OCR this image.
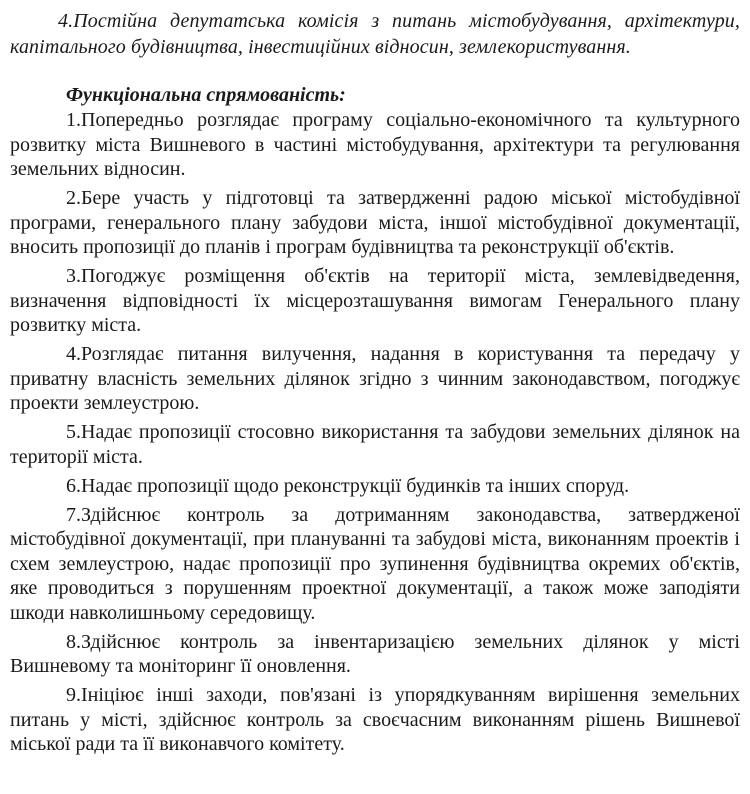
4.Постійна депутатська комісія з питань містобудування, архітектури, капітального будівництва, інвестиційних відносин, землекористування.

Функціональна спрямованість:

1.Попередньо розглядає програму соціально-економічного та культурного розвитку міста Вишневого в частині містобудування, архітектури та регулювання земельних відносин.

2.Бере участь у підготовці та затвердженні радою міської містобудівної програми, генерального плану забудови міста, іншої містобудівної документації, вносить пропозиції до планів і програм будівництва та реконструкції об'єктів.

3.Погоджує розміщення об'єктів на території міста, землевідведення, визначення відповідності їх місцерозташування вимогам Генерального плану розвитку міста.

4.Розглядає питання вилучення, надання в користування та передачу у приватну власність земельних ділянок згідно з чинним законодавством, погоджує проекти землеустрою.

5.Надає пропозиції стосовно використання та забудови земельних ділянок на території міста.

6.Надає пропозиції щодо реконструкції будинків та інших споруд.

7.Здійснює контроль за дотриманням законодавства, затвердженої містобудівної документації, при плануванні та забудові міста, виконанням проектів і схем землеустрою, надає пропозиції про зупинення будівництва окремих об'єктів, яке проводиться з порушенням проектної документації, а також може заподіяти шкоди навколишньому середовищу.

8.Здійснює контроль за інвентаризацією земельних ділянок у місті Вишневому та моніторинг її оновлення.

9.Ініціює інші заходи, пов'язані із упорядкуванням вирішення земельних питань у місті, здійснює контроль за своєчасним виконанням рішень Вишневої міської ради та її виконавчого комітету.
